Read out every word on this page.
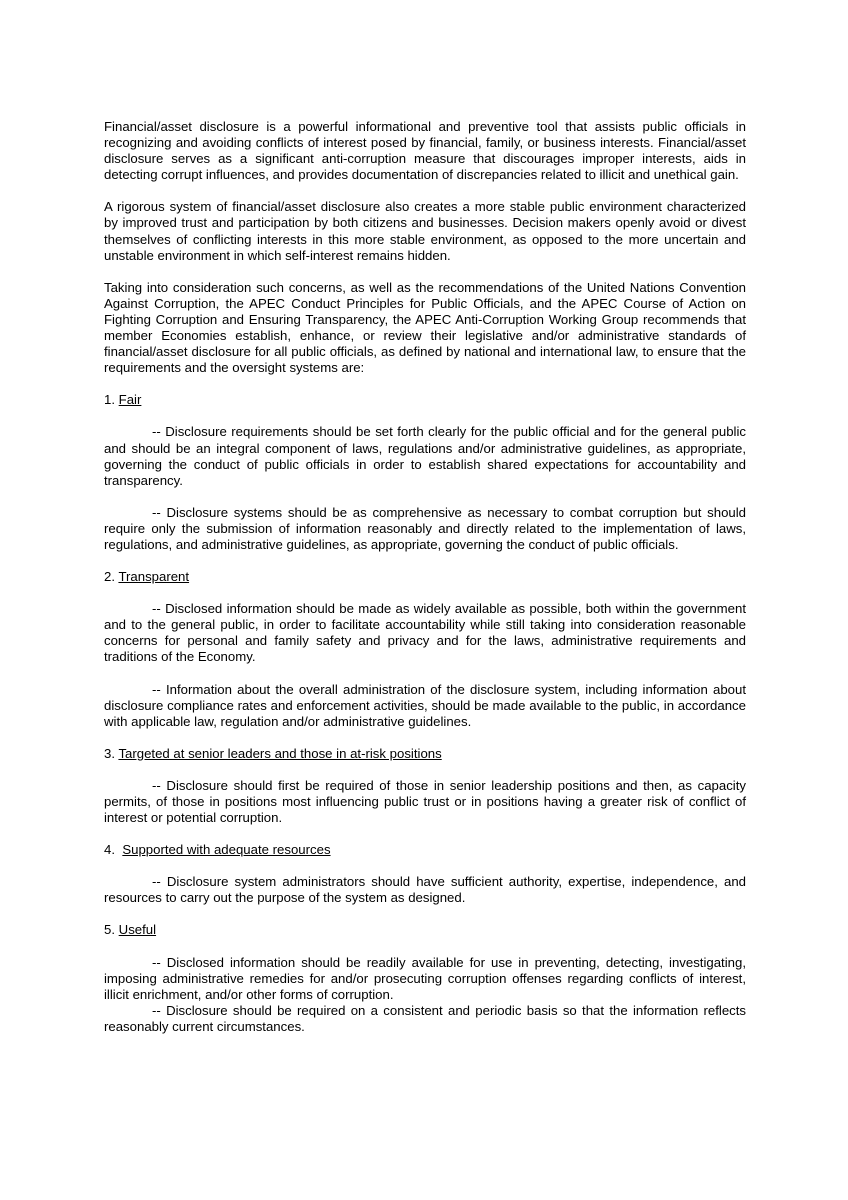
Financial/asset disclosure is a powerful informational and preventive tool that assists public officials in recognizing and avoiding conflicts of interest posed by financial, family, or business interests. Financial/asset disclosure serves as a significant anti-corruption measure that discourages improper interests, aids in detecting corrupt influences, and provides documentation of discrepancies related to illicit and unethical gain.

A rigorous system of financial/asset disclosure also creates a more stable public environment characterized by improved trust and participation by both citizens and businesses. Decision makers openly avoid or divest themselves of conflicting interests in this more stable environment, as opposed to the more uncertain and unstable environment in which self-interest remains hidden.

Taking into consideration such concerns, as well as the recommendations of the United Nations Convention Against Corruption, the APEC Conduct Principles for Public Officials, and the APEC Course of Action on Fighting Corruption and Ensuring Transparency, the APEC Anti-Corruption Working Group recommends that member Economies establish, enhance, or review their legislative and/or administrative standards of financial/asset disclosure for all public officials, as defined by national and international law, to ensure that the requirements and the oversight systems are:

1. Fair

-- Disclosure requirements should be set forth clearly for the public official and for the general public and should be an integral component of laws, regulations and/or administrative guidelines, as appropriate, governing the conduct of public officials in order to establish shared expectations for accountability and transparency.

-- Disclosure systems should be as comprehensive as necessary to combat corruption but should require only the submission of information reasonably and directly related to the implementation of laws, regulations, and administrative guidelines, as appropriate, governing the conduct of public officials.

2. Transparent

-- Disclosed information should be made as widely available as possible, both within the government and to the general public, in order to facilitate accountability while still taking into consideration reasonable concerns for personal and family safety and privacy and for the laws, administrative requirements and traditions of the Economy.

-- Information about the overall administration of the disclosure system, including information about disclosure compliance rates and enforcement activities, should be made available to the public, in accordance with applicable law, regulation and/or administrative guidelines.

3. Targeted at senior leaders and those in at-risk positions

-- Disclosure should first be required of those in senior leadership positions and then, as capacity permits, of those in positions most influencing public trust or in positions having a greater risk of conflict of interest or potential corruption.

4. Supported with adequate resources

-- Disclosure system administrators should have sufficient authority, expertise, independence, and resources to carry out the purpose of the system as designed.

5. Useful

-- Disclosed information should be readily available for use in preventing, detecting, investigating, imposing administrative remedies for and/or prosecuting corruption offenses regarding conflicts of interest, illicit enrichment, and/or other forms of corruption.

-- Disclosure should be required on a consistent and periodic basis so that the information reflects reasonably current circumstances.
